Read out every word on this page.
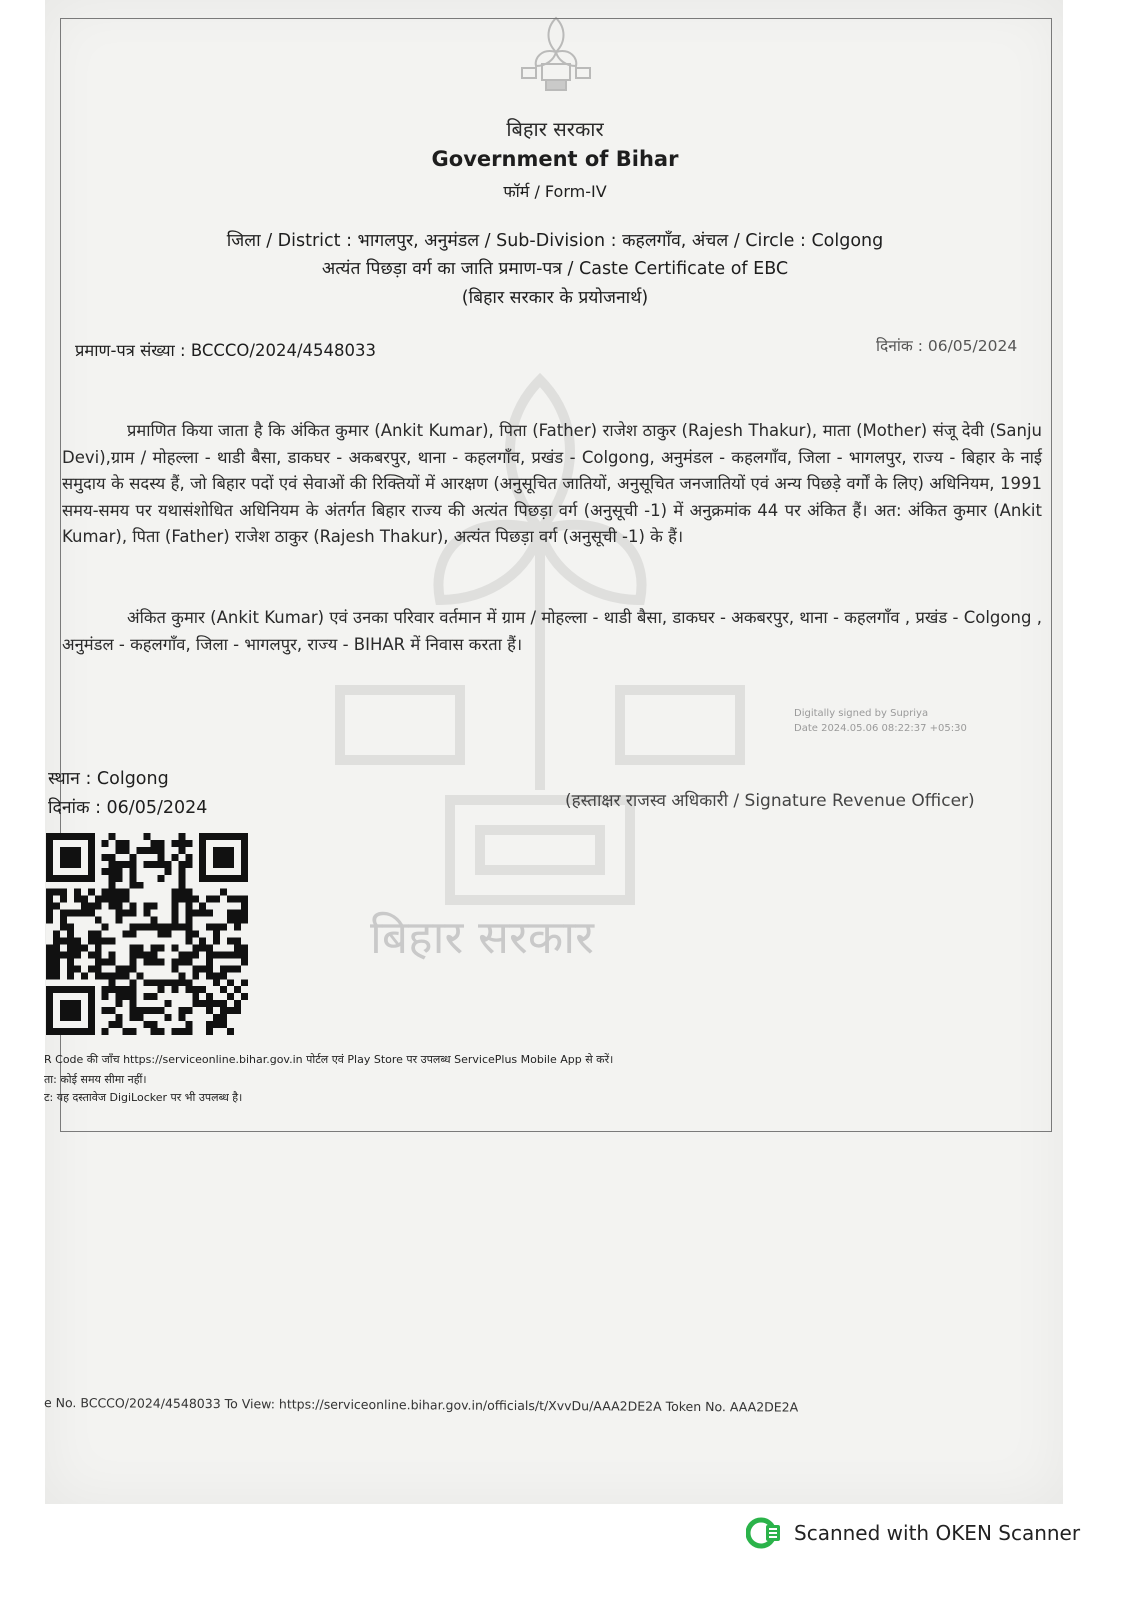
बिहार सरकार
बिहार सरकार
Government of Bihar
फॉर्म / Form-IV
जिला / District : भागलपुर, अनुमंडल / Sub-Division : कहलगाँव, अंचल / Circle : Colgong
अत्यंत पिछड़ा वर्ग का जाति प्रमाण-पत्र / Caste Certificate of EBC
(बिहार सरकार के प्रयोजनार्थ)
प्रमाण-पत्र संख्या : BCCCO/2024/4548033	दिनांक : 06/05/2024
प्रमाणित किया जाता है कि अंकित कुमार (Ankit Kumar), पिता (Father) राजेश ठाकुर (Rajesh Thakur), माता (Mother) संजू देवी (Sanju Devi),ग्राम / मोहल्ला - थाडी बैसा, डाकघर - अकबरपुर, थाना - कहलगाँव, प्रखंड - Colgong, अनुमंडल - कहलगाँव, जिला - भागलपुर, राज्य - बिहार के नाई समुदाय के सदस्य हैं, जो बिहार पदों एवं सेवाओं की रिक्तियों में आरक्षण (अनुसूचित जातियों, अनुसूचित जनजातियों एवं अन्य पिछड़े वर्गों के लिए) अधिनियम, 1991 समय-समय पर यथासंशोधित अधिनियम के अंतर्गत बिहार राज्य की अत्यंत पिछड़ा वर्ग (अनुसूची -1) में अनुक्रमांक 44 पर अंकित हैं। अत: अंकित कुमार (Ankit Kumar), पिता (Father) राजेश ठाकुर (Rajesh Thakur), अत्यंत पिछड़ा वर्ग (अनुसूची -1) के हैं।
अंकित कुमार (Ankit Kumar) एवं उनका परिवार वर्तमान में ग्राम / मोहल्ला - थाडी बैसा, डाकघर - अकबरपुर, थाना - कहलगाँव , प्रखंड - Colgong , अनुमंडल - कहलगाँव, जिला - भागलपुर, राज्य - BIHAR में निवास करता हैं।
Digitally signed by Supriya
Date 2024.05.06 08:22:37 +05:30
स्थान : Colgong
दिनांक : 06/05/2024	(हस्ताक्षर राजस्व अधिकारी / Signature Revenue Officer)
R Code की जाँच https://serviceonline.bihar.gov.in पोर्टल एवं Play Store पर उपलब्ध ServicePlus Mobile App से करें।
ता: कोई समय सीमा नहीं।
ट: यह दस्तावेज DigiLocker पर भी उपलब्ध है।
e No. BCCCO/2024/4548033 To View: https://serviceonline.bihar.gov.in/officials/t/XvvDu/AAA2DE2A Token No. AAA2DE2A
Scanned with OKEN Scanner
